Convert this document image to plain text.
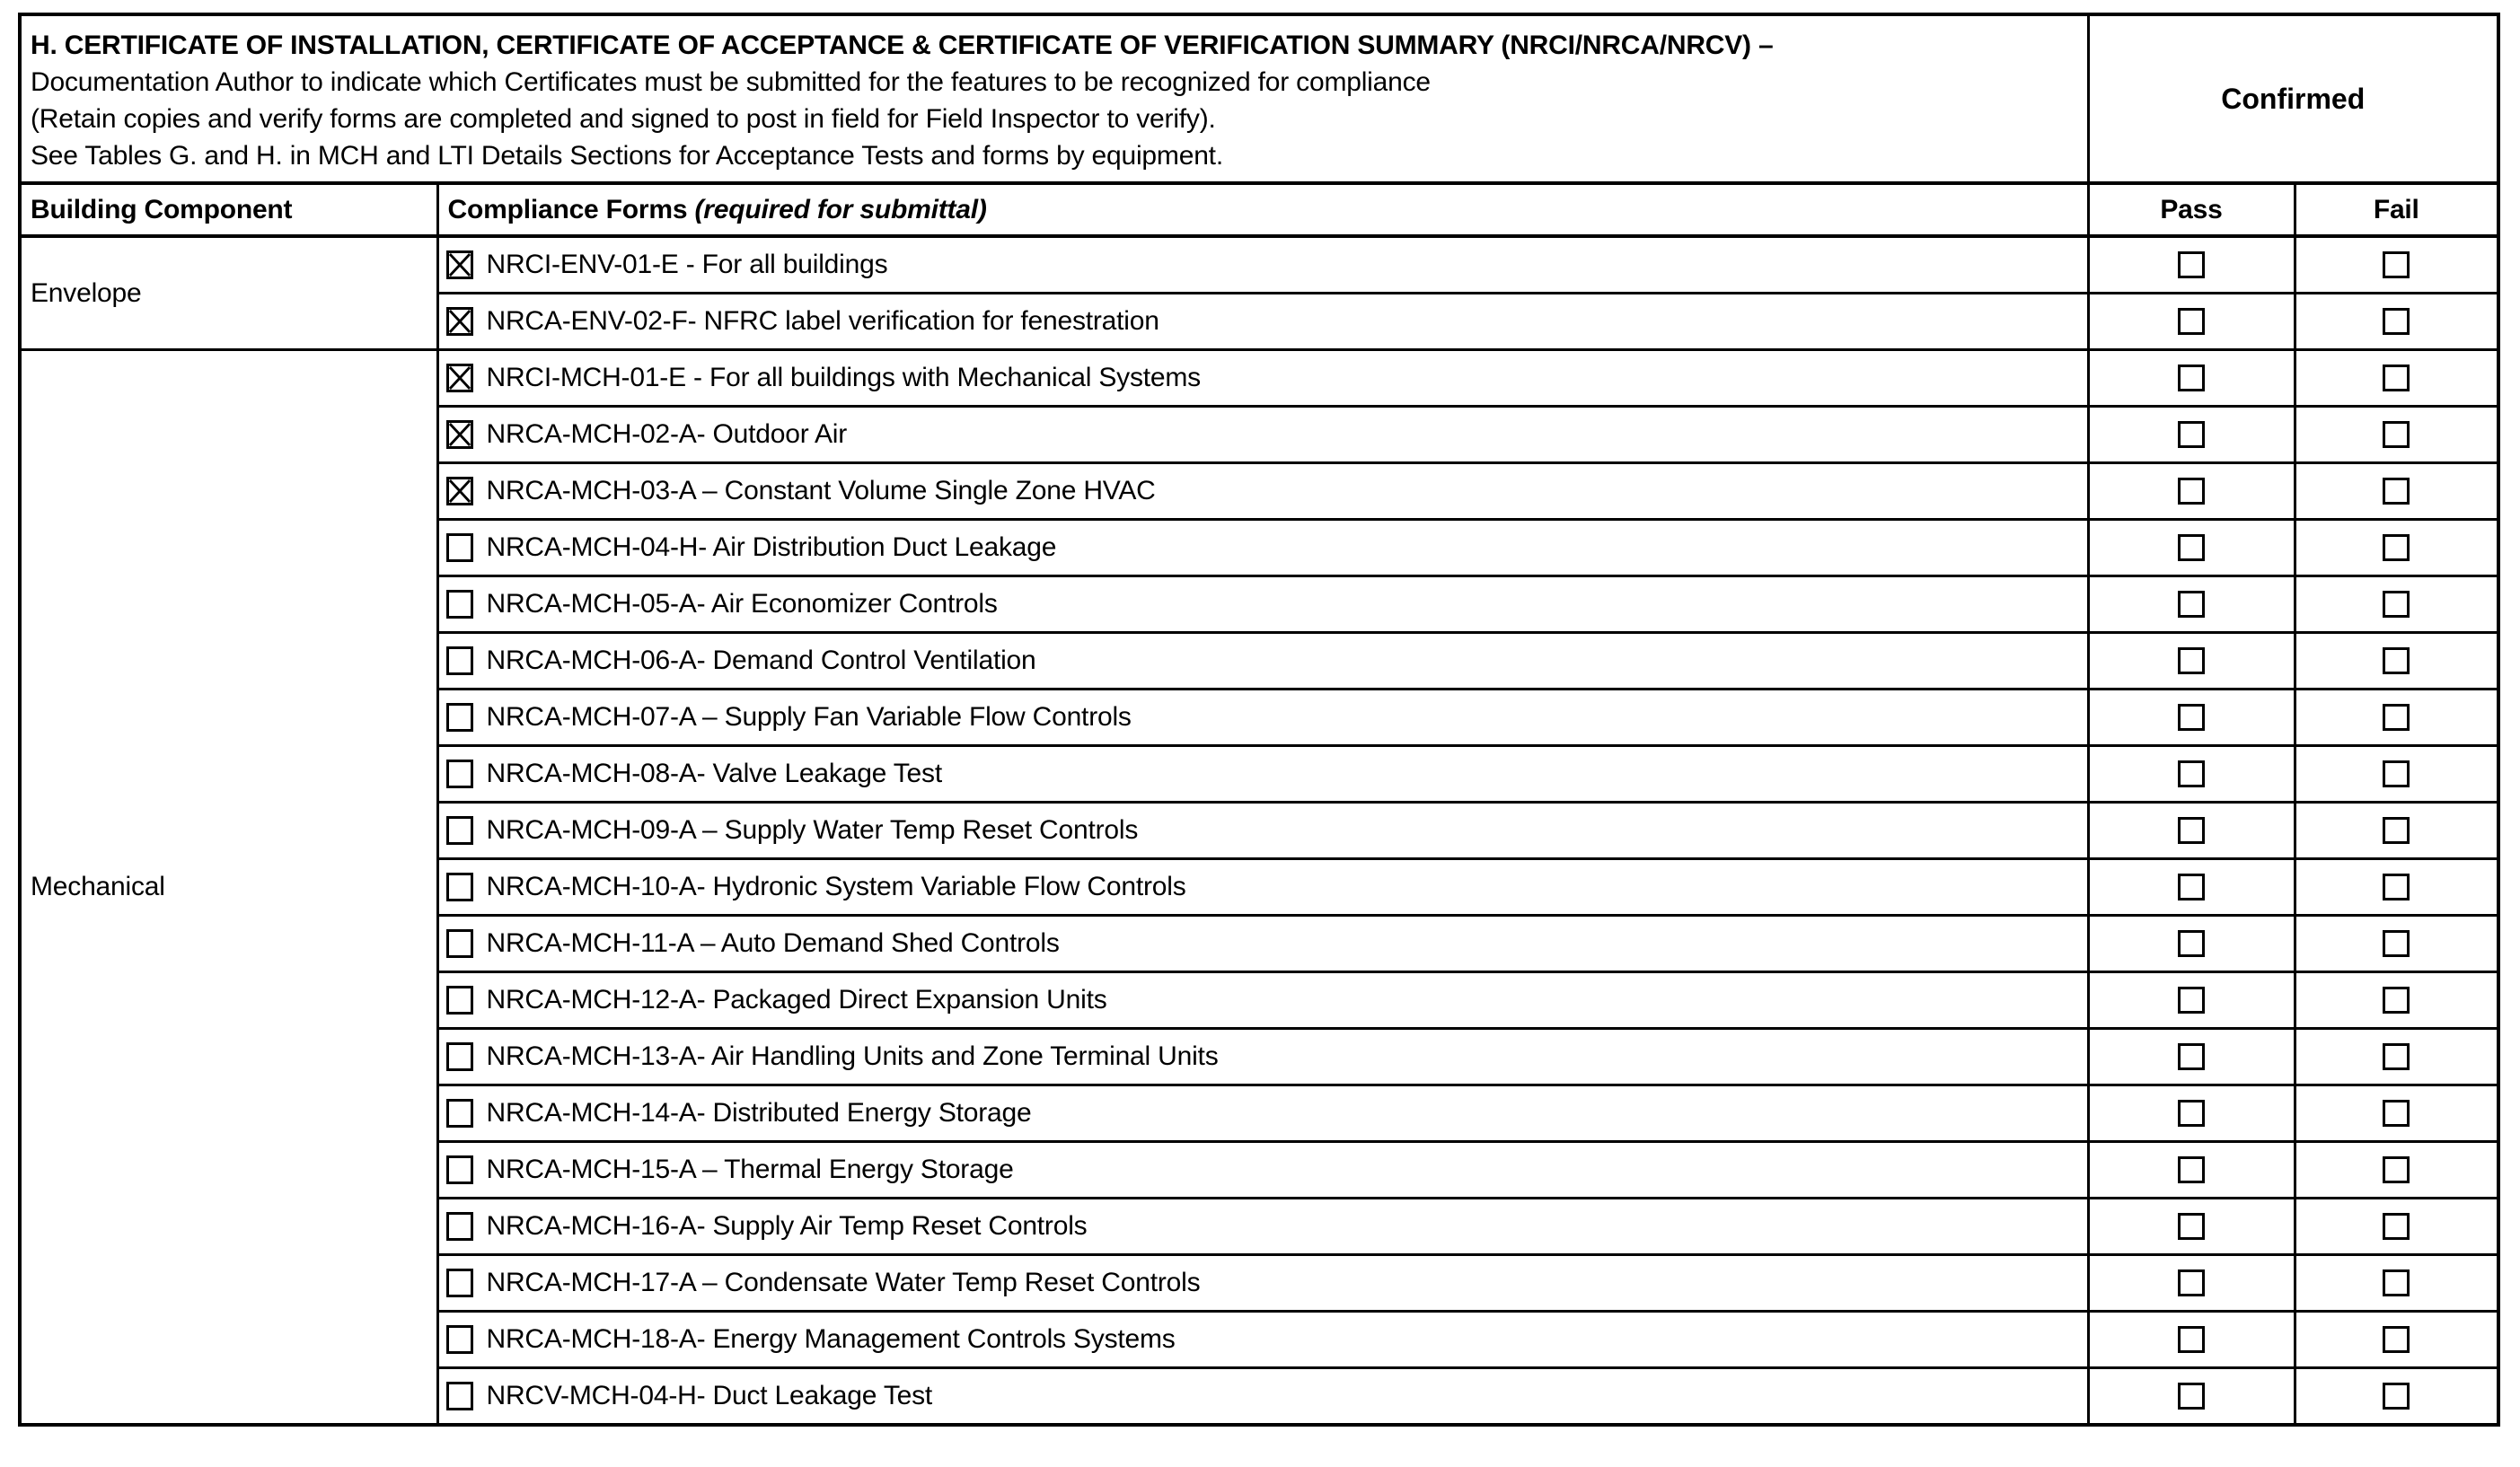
H. CERTIFICATE OF INSTALLATION, CERTIFICATE OF ACCEPTANCE & CERTIFICATE OF VERIFICATION SUMMARY (NRCI/NRCA/NRCV) –
Documentation Author to indicate which Certificates must be submitted for the features to be recognized for compliance
(Retain copies and verify forms are completed and signed to post in field for Field Inspector to verify).
See Tables G. and H. in MCH and LTI Details Sections for Acceptance Tests and forms by equipment.		Confirmed	
Building Component	Compliance Forms (required for submittal)	Pass	Fail
Envelope	NRCI-ENV-01-E - For all buildings		

	NRCA-ENV-02-F- NFRC label verification for fenestration		

Mechanical	NRCI-MCH-01-E - For all buildings with Mechanical Systems		

	NRCA-MCH-02-A- Outdoor Air		

	NRCA-MCH-03-A – Constant Volume Single Zone HVAC		

	NRCA-MCH-04-H- Air Distribution Duct Leakage		

	NRCA-MCH-05-A- Air Economizer Controls		

	NRCA-MCH-06-A- Demand Control Ventilation		

	NRCA-MCH-07-A – Supply Fan Variable Flow Controls		

	NRCA-MCH-08-A- Valve Leakage Test		

	NRCA-MCH-09-A – Supply Water Temp Reset Controls		

	NRCA-MCH-10-A- Hydronic System Variable Flow Controls		

	NRCA-MCH-11-A – Auto Demand Shed Controls		

	NRCA-MCH-12-A- Packaged Direct Expansion Units		

	NRCA-MCH-13-A- Air Handling Units and Zone Terminal Units		

	NRCA-MCH-14-A- Distributed Energy Storage		

	NRCA-MCH-15-A – Thermal Energy Storage		

	NRCA-MCH-16-A- Supply Air Temp Reset Controls		

	NRCA-MCH-17-A – Condensate Water Temp Reset Controls		

	NRCA-MCH-18-A- Energy Management Controls Systems		

	NRCV-MCH-04-H- Duct Leakage Test		
